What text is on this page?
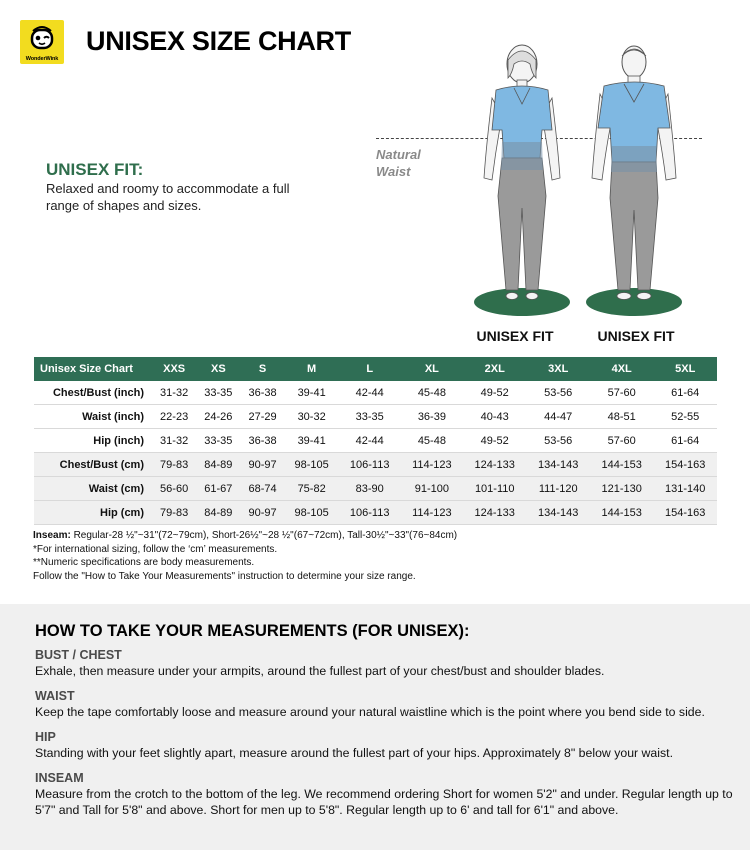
WonderWink
UNISEX SIZE CHART
UNISEX FIT:
Relaxed and roomy to accommodate a full range of shapes and sizes.
Natural
Waist
UNISEX FIT	UNISEX FIT
Unisex Size Chart	XXS	XS	S	M	L	XL	2XL	3XL	4XL	5XL
Chest/Bust (inch)	31-32	33-35	36-38	39-41	42-44	45-48	49-52	53-56	57-60	61-64
Waist (inch)	22-23	24-26	27-29	30-32	33-35	36-39	40-43	44-47	48-51	52-55
Hip (inch)	31-32	33-35	36-38	39-41	42-44	45-48	49-52	53-56	57-60	61-64
Chest/Bust (cm)	79-83	84-89	90-97	98-105	106-113	114-123	124-133	134-143	144-153	154-163
Waist (cm)	56-60	61-67	68-74	75-82	83-90	91-100	101-110	111-120	121-130	131-140
Hip (cm)	79-83	84-89	90-97	98-105	106-113	114-123	124-133	134-143	144-153	154-163
Inseam: Regular-28 ½"~31"(72~79cm), Short-26½"~28 ½"(67~72cm), Tall-30½"~33"(76~84cm)
*For international sizing, follow the ‘cm’ measurements.
**Numeric specifications are body measurements.
Follow the "How to Take Your Measurements" instruction to determine your size range.
HOW TO TAKE YOUR MEASUREMENTS (FOR UNISEX):
BUST / CHEST
Exhale, then measure under your armpits, around the fullest part of your chest/bust and shoulder blades.
WAIST
Keep the tape comfortably loose and measure around your natural waistline which is the point where you bend side to side.
HIP
Standing with your feet slightly apart, measure around the fullest part of your hips. Approximately 8" below your waist.
INSEAM
Measure from the crotch to the bottom of the leg. We recommend ordering Short for women 5'2" and under. Regular length up to 5'7" and Tall for 5'8" and above. Short for men up to 5'8". Regular length up to 6' and tall for 6'1" and above.
